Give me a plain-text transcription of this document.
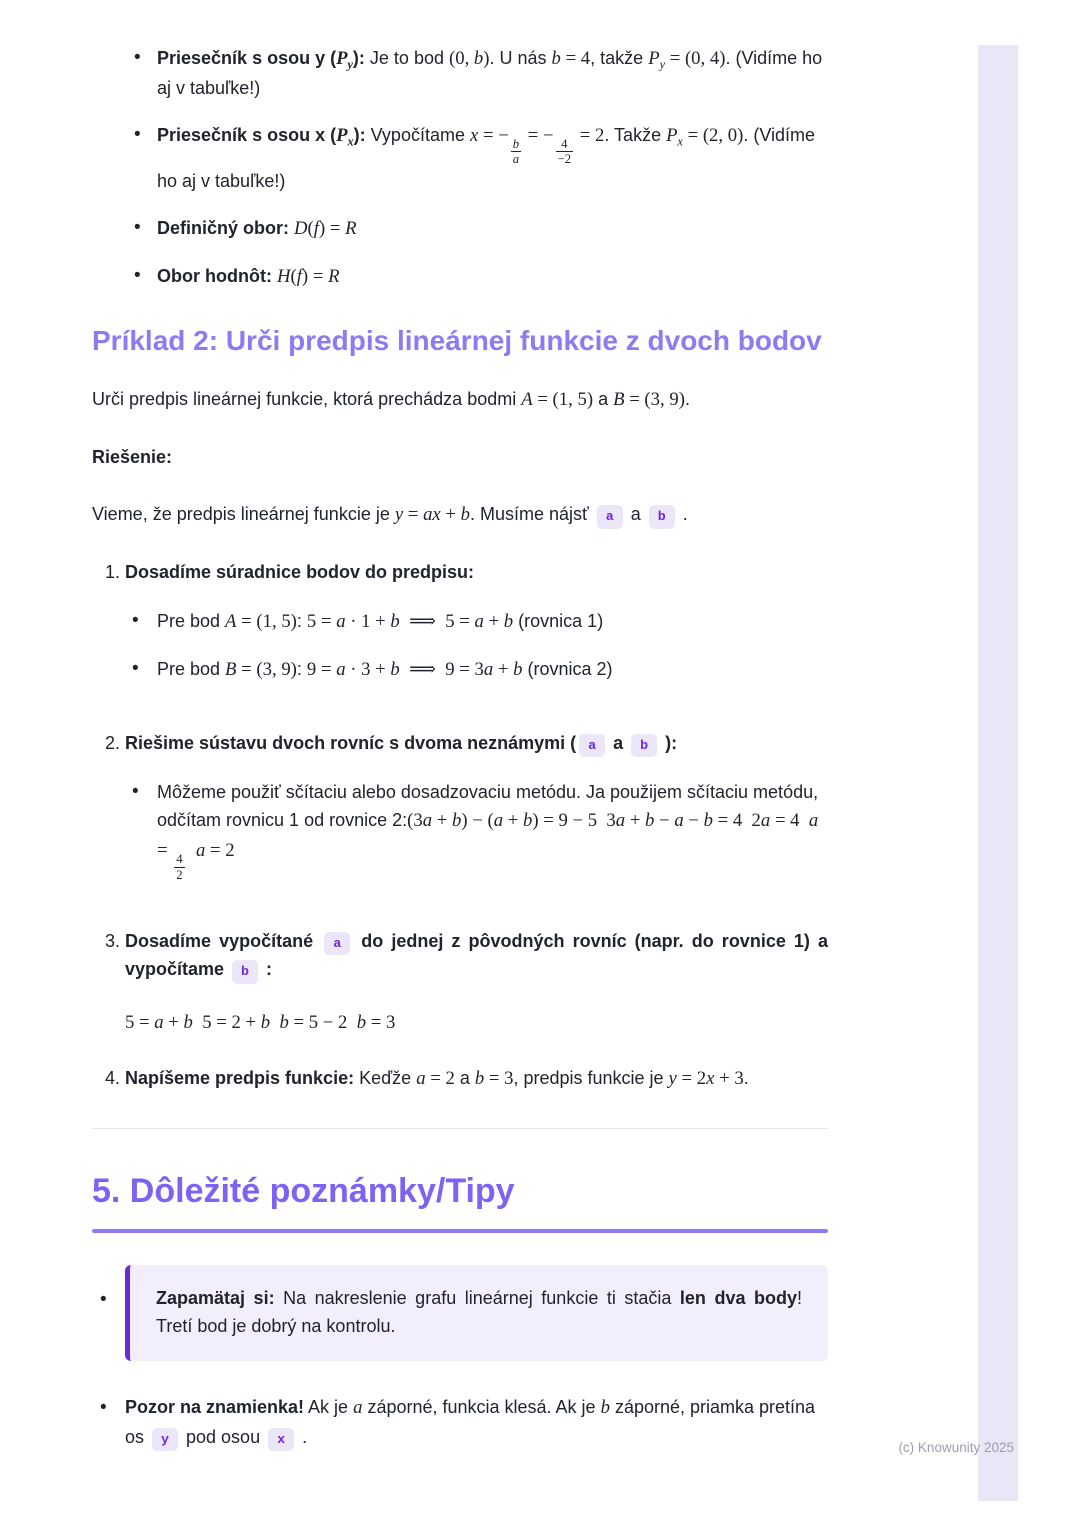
• Priesečník s osou y $(P_y)$: Je to bod (0, b). U nás b = 4, takže $P_y = (0$, 4). (Vidíme ho aj v tabuľke!)
• Priesečník s osou x $(P_x)$: Vypočítame x = −
$\frac{b}{a}$
= −
$\frac{4}{-2}$
= 2. Takže $P_x = (2$, 0). (Vidíme ho aj v tabuľke!)
• Definičný obor: D(f) = R
• Obor hodnôt: H(f) = R
Príklad 2: Urči predpis lineárnej funkcie z dvoch bodov

Urči predpis lineárnej funkcie, ktorá prechádza bodmi A = (1, 5) a B = (3, 9).

Riešenie:

Vieme, že predpis lineárnej funkcie je y = ax + b. Musíme nájsť a a b .

1. Dosadíme súradnice bodov do predpisu:
• Pre bod A = (1, 5): 5 = a · 1 + b  ⟹  5 = a + b (rovnica 1)
• Pre bod B = (3, 9): 9 = a · 3 + b  ⟹  9 = 3a + b (rovnica 2)
2. Riešime sústavu dvoch rovníc s dvoma neznámymi ( a a b ):
• Môžeme použiť sčítaciu alebo dosadzovaciu metódu. Ja použijem sčítaciu metódu, odčítam rovnicu 1 od rovnice 2:(3a + b) − (a + b) = 9 − 5  3a + b − a − b = 4  2a = 4  a =
$\frac{4}{2}$
a = 2
3. Dosadíme vypočítané a do jednej z pôvodných rovníc (napr. do rovnice 1) a vypočítame b :
5 = a + b  5 = 2 + b b = 5 − 2  b = 3
4. Napíšeme predpis funkcie: Keďže a = 2 a b = 3, predpis funkcie je y = 2x + 3.
5. Dôležité poznámky/Tipy
• Zapamätaj si: Na nakreslenie grafu lineárnej funkcie ti stačia len dva body! Tretí bod je dobrý na kontrolu.
• Pozor na znamienka! Ak je a záporné, funkcia klesá. Ak je b záporné, priamka pretína os y pod osou x .
(c) Knowunity 2025
